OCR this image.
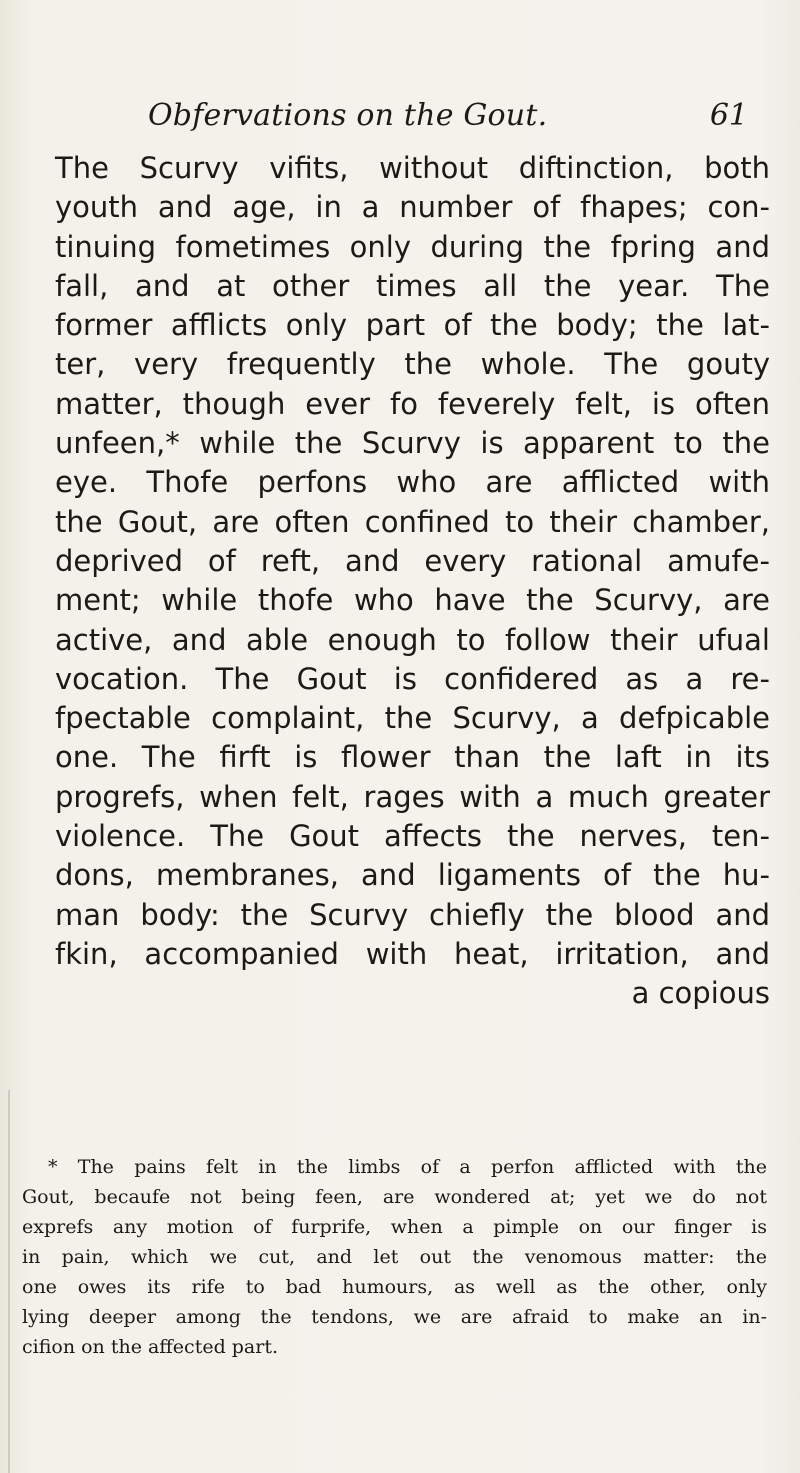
Obfervations on the Gout.	61
The Scurvy vifits, without diftinction, both
youth and age, in a number of fhapes; con-
tinuing fometimes only during the fpring and
fall, and at other times all the year. The
former afflicts only part of the body; the lat-
ter, very frequently the whole. The gouty
matter, though ever fo feverely felt, is often
unfeen,* while the Scurvy is apparent to the
eye. Thofe perfons who are afflicted with
the Gout, are often confined to their chamber,
deprived of reft, and every rational amufe-
ment; while thofe who have the Scurvy, are
active, and able enough to follow their ufual
vocation. The Gout is confidered as a re-
fpectable complaint, the Scurvy, a defpicable
one. The firft is flower than the laft in its
progrefs, when felt, rages with a much greater
violence. The Gout affects the nerves, ten-
dons, membranes, and ligaments of the hu-
man body: the Scurvy chiefly the blood and
fkin, accompanied with heat, irritation, and
a copious
* The pains felt in the limbs of a perfon afflicted with the
Gout, becaufe not being feen, are wondered at; yet we do not
exprefs any motion of furprife, when a pimple on our finger is
in pain, which we cut, and let out the venomous matter: the
one owes its rife to bad humours, as well as the other, only
lying deeper among the tendons, we are afraid to make an in-
cifion on the affected part.
